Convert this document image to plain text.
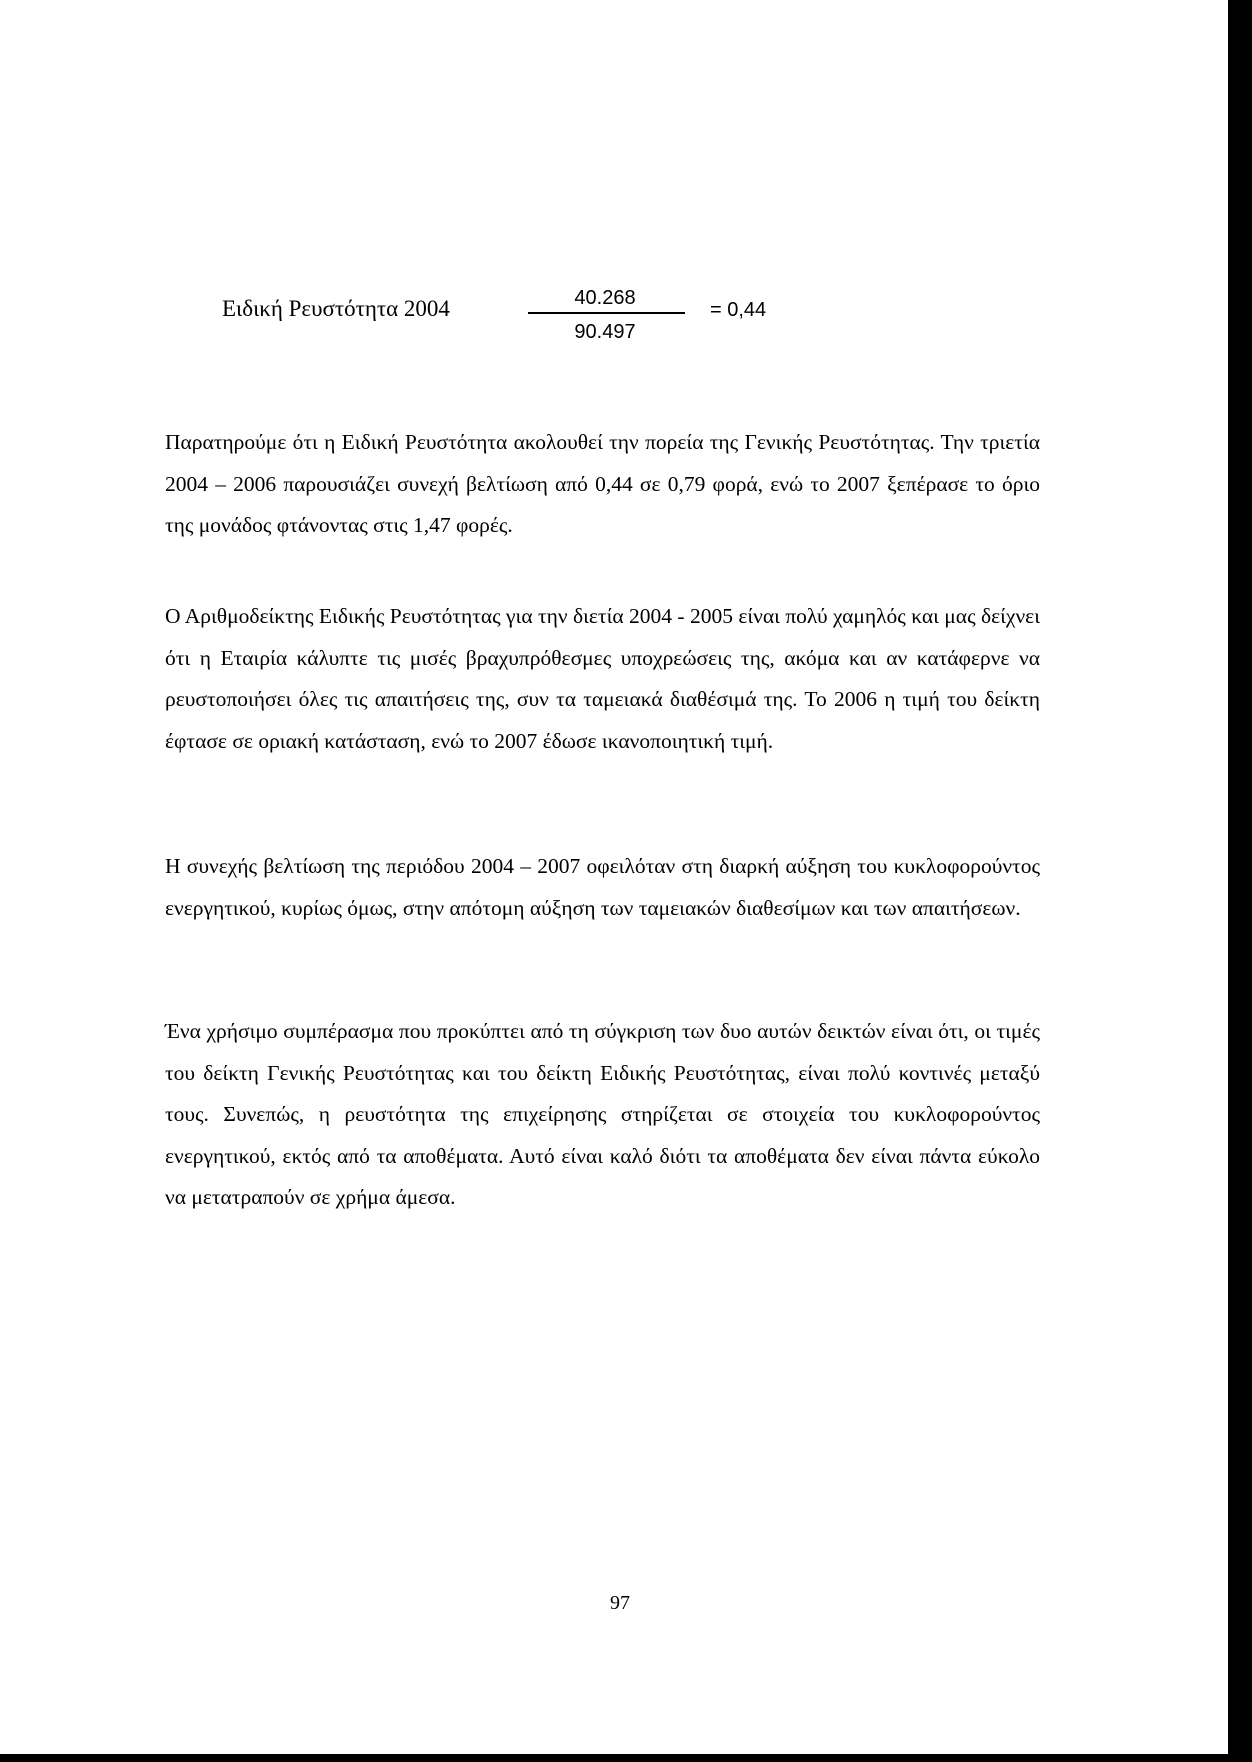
Ειδική Ρευστότητα 2004	40.268
90.497
= 0,44

Παρατηρούμε ότι η Ειδική Ρευστότητα ακολουθεί την πορεία της Γενικής Ρευστότητας. Την τριετία 2004 – 2006 παρουσιάζει συνεχή βελτίωση από 0,44 σε 0,79 φορά, ενώ το 2007 ξεπέρασε το όριο της μονάδος φτάνοντας στις 1,47 φορές.

Ο Αριθμοδείκτης Ειδικής Ρευστότητας για την διετία 2004 - 2005 είναι πολύ χαμηλός και μας δείχνει ότι η Εταιρία κάλυπτε τις μισές βραχυπρόθεσμες υποχρεώσεις της, ακόμα και αν κατάφερνε να ρευστοποιήσει όλες τις απαιτήσεις της, συν τα ταμειακά διαθέσιμά της. Το 2006 η τιμή του δείκτη έφτασε σε οριακή κατάσταση, ενώ το 2007 έδωσε ικανοποιητική τιμή.

Η συνεχής βελτίωση της περιόδου 2004 – 2007 οφειλόταν στη διαρκή αύξηση του κυκλοφορούντος ενεργητικού, κυρίως όμως, στην απότομη αύξηση των ταμειακών διαθεσίμων και των απαιτήσεων.

Ένα χρήσιμο συμπέρασμα που προκύπτει από τη σύγκριση των δυο αυτών δεικτών είναι ότι, οι τιμές του δείκτη Γενικής Ρευστότητας και του δείκτη Ειδικής Ρευστότητας, είναι πολύ κοντινές μεταξύ τους. Συνεπώς, η ρευστότητα της επιχείρησης στηρίζεται σε στοιχεία του κυκλοφορούντος ενεργητικού, εκτός από τα αποθέματα. Αυτό είναι καλό διότι τα αποθέματα δεν είναι πάντα εύκολο να μετατραπούν σε χρήμα άμεσα.

97
